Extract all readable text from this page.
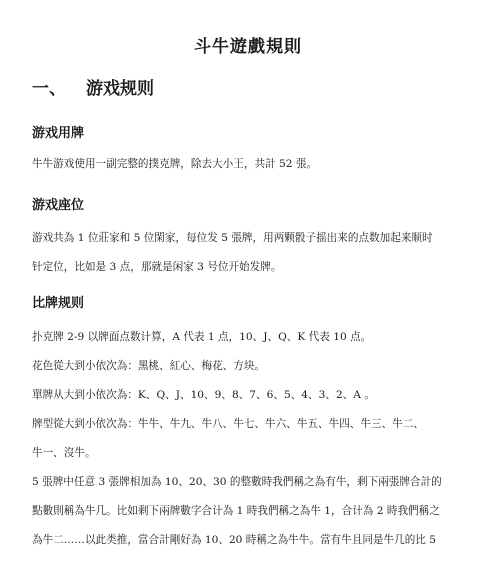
斗牛遊戲規則
一、 游戏规则
游戏用牌
牛牛游戏使用一副完整的撲克牌，除去大小王，共計 52 張。
游戏座位
游戏共為 1 位莊家和 5 位閑家，每位发 5 張牌，用两颗骰子摇出来的点数加起来顺时
针定位，比如是 3 点，那就是闲家 3 号位开始发牌。
比牌规则
扑克牌 2-9 以牌面点数计算，A 代表 1 点，10、J、Q、K 代表 10 点。
花色從大到小依次為：黑桃、紅心、梅花、方块。
單牌从大到小依次為：K、Q、J、10、9、8、7、6、5、4、3、2、A 。
牌型從大到小依次為：牛牛、牛九、牛八、牛七、牛六、牛五、牛四、牛三、牛二、
牛一、沒牛。
5 張牌中任意 3 張牌相加為 10、20、30 的整數時我們稱之為有牛，剩下兩張牌合計的
點數則稱為牛几。比如剩下兩牌數字合计為 1 時我們稱之為牛 1，合计為 2 時我們稱之
為牛二……以此类推，當合計剛好為 10、20 時稱之為牛牛。當有牛且同是牛几的比 5
